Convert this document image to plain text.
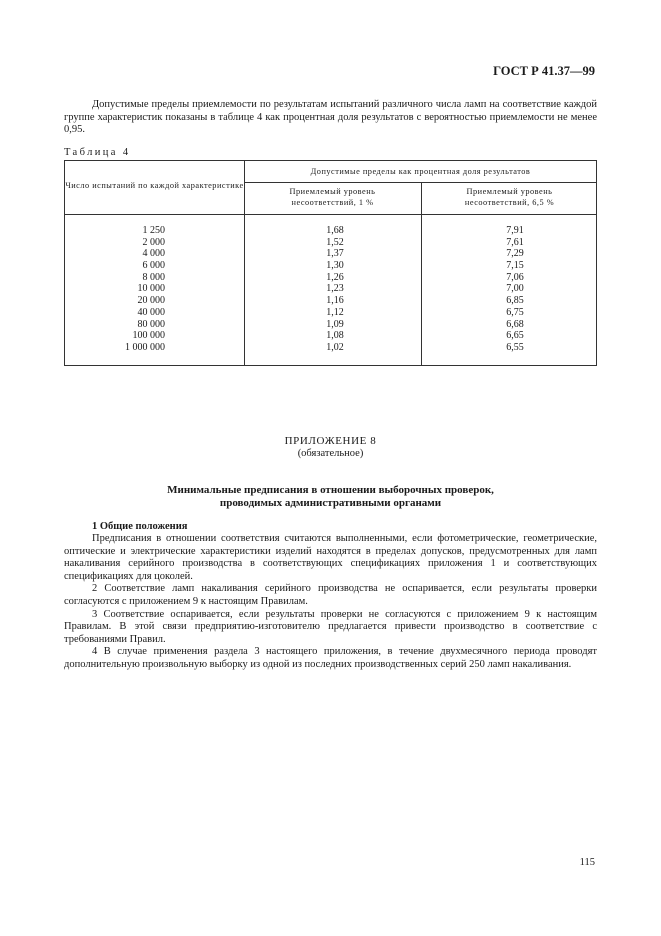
ГОСТ Р 41.37—99

Допустимые пределы приемлемости по результатам испытаний различного числа ламп на соответствие каждой группе характеристик показаны в таблице 4 как процентная доля результатов с вероятностью приемлемости не менее 0,95.

Таблица 4
Число испытаний по каждой характеристике
Допустимые пределы как процентная доля результатов
Приемлемый уровень несоответствий, 1 %
Приемлемый уровень несоответствий, 6,5 %
1 250
2 000
4 000
6 000
8 000
10 000
20 000
40 000
80 000
100 000
1 000 000
1,68
1,52
1,37
1,30
1,26
1,23
1,16
1,12
1,09
1,08
1,02
7,91
7,61
7,29
7,15
7,06
7,00
6,85
6,75
6,68
6,65
6,55
ПРИЛОЖЕНИЕ 8
(обязательное)
Минимальные предписания в отношении выборочных проверок,
проводимых административными органами
1 Общие положения

Предписания в отношении соответствия считаются выполненными, если фотометрические, геометрические, оптические и электрические характеристики изделий находятся в пределах допусков, предусмотренных для ламп накаливания серийного производства в соответствующих спецификациях приложения 1 и соответствующих спецификациях для цоколей.

2 Соответствие ламп накаливания серийного производства не оспаривается, если результаты проверки согласуются с приложением 9 к настоящим Правилам.

3 Соответствие оспаривается, если результаты проверки не согласуются с приложением 9 к настоящим Правилам. В этой связи предприятию-изготовителю предлагается привести производство в соответствие с требованиями Правил.

4 В случае применения раздела 3 настоящего приложения, в течение двухмесячного периода проводят дополнительную произвольную выборку из одной из последних производственных серий 250 ламп накаливания.

115
